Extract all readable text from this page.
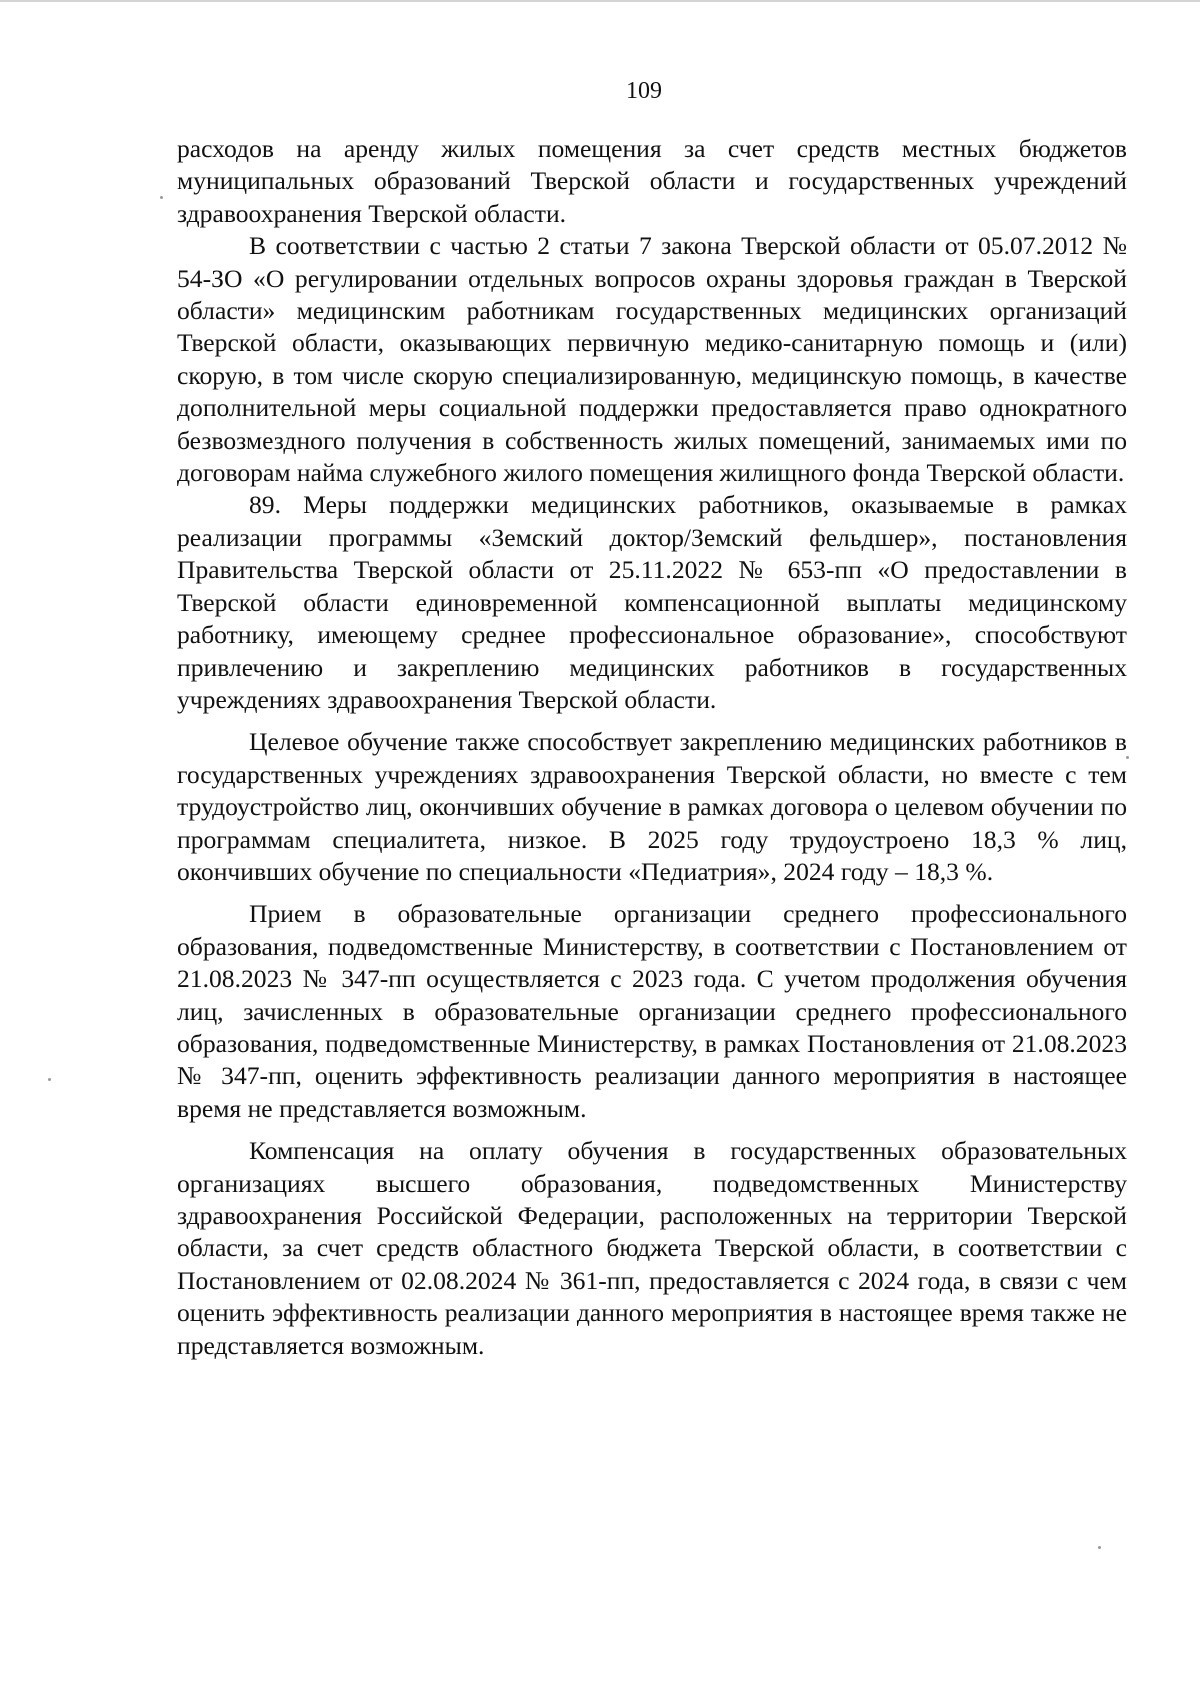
109

расходов на аренду жилых помещения за счет средств местных бюджетов муниципальных образований Тверской области и государственных учреждений здравоохранения Тверской области.

В соответствии с частью 2 статьи 7 закона Тверской области от 05.07.2012 № 54-ЗО «О регулировании отдельных вопросов охраны здоровья граждан в Тверской области» медицинским работникам государственных медицинских организаций Тверской области, оказывающих первичную медико-санитарную помощь и (или) скорую, в том числе скорую специализированную, медицинскую помощь, в качестве дополнительной меры социальной поддержки предоставляется право однократного безвозмездного получения в собственность жилых помещений, занимаемых ими по договорам найма служебного жилого помещения жилищного фонда Тверской области.

89. Меры поддержки медицинских работников, оказываемые в рамках реализации программы «Земский доктор/Земский фельдшер», постановления Правительства Тверской области от 25.11.2022 № 653-пп «О предоставлении в Тверской области единовременной компенсационной выплаты медицинскому работнику, имеющему среднее профессиональное образование», способствуют привлечению и закреплению медицинских работников в государственных учреждениях здравоохранения Тверской области.

Целевое обучение также способствует закреплению медицинских работников в государственных учреждениях здравоохранения Тверской области, но вместе с тем трудоустройство лиц, окончивших обучение в рамках договора о целевом обучении по программам специалитета, низкое. В 2025 году трудоустроено 18,3 % лиц, окончивших обучение по специальности «Педиатрия», 2024 году – 18,3 %.

Прием в образовательные организации среднего профессионального образования, подведомственные Министерству, в соответствии с Постановлением от 21.08.2023 № 347-пп осуществляется с 2023 года. С учетом продолжения обучения лиц, зачисленных в образовательные организации среднего профессионального образования, подведомственные Министерству, в рамках Постановления от 21.08.2023 № 347-пп, оценить эффективность реализации данного мероприятия в настоящее время не представляется возможным.

Компенсация на оплату обучения в государственных образовательных организациях высшего образования, подведомственных Министерству здравоохранения Российской Федерации, расположенных на территории Тверской области, за счет средств областного бюджета Тверской области, в соответствии с Постановлением от 02.08.2024 № 361-пп, предоставляется с 2024 года, в связи с чем оценить эффективность реализации данного мероприятия в настоящее время также не представляется возможным.
